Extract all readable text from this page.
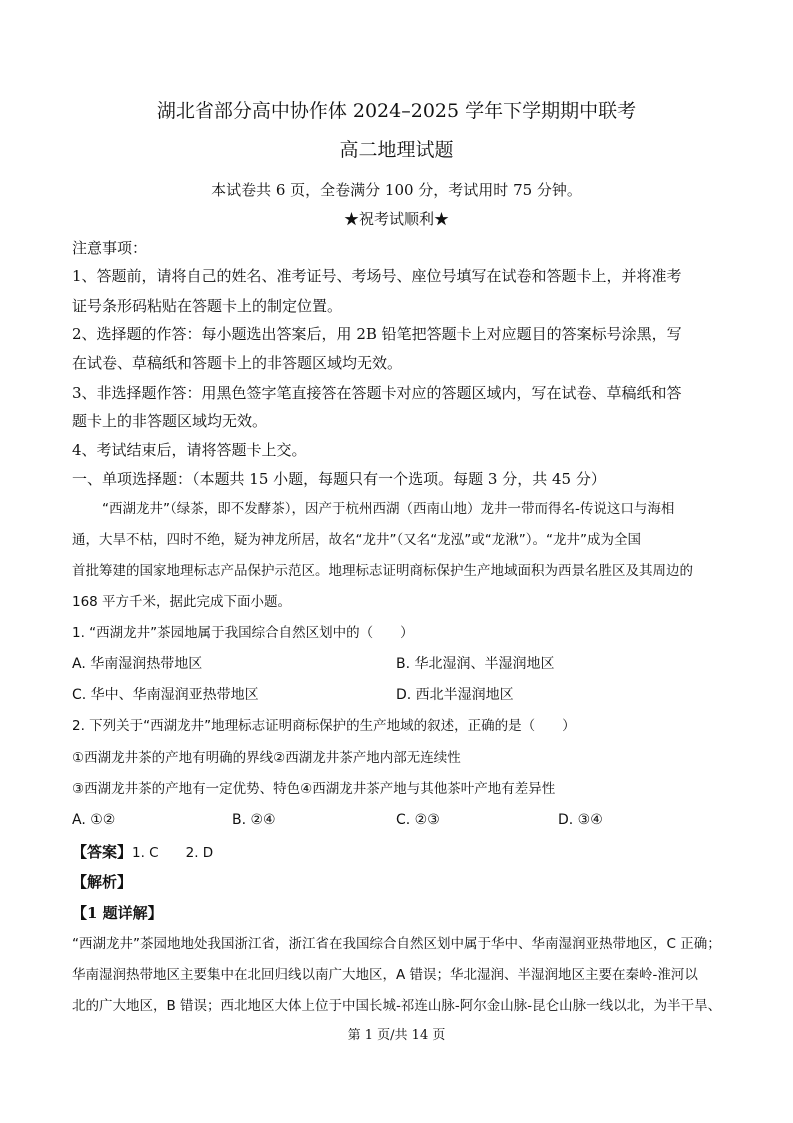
湖北省部分高中协作体 2024–2025 学年下学期期中联考
高二地理试题
本试卷共 6 页，全卷满分 100 分，考试用时 75 分钟。
★祝考试顺利★
注意事项：
1、答题前，请将自己的姓名、准考证号、考场号、座位号填写在试卷和答题卡上，并将准考
证号条形码粘贴在答题卡上的制定位置。
2、选择题的作答：每小题选出答案后，用 2B 铅笔把答题卡上对应题目的答案标号涂黑，写
在试卷、草稿纸和答题卡上的非答题区域均无效。
3、非选择题作答：用黑色签字笔直接答在答题卡对应的答题区域内，写在试卷、草稿纸和答
题卡上的非答题区域均无效。
4、考试结束后，请将答题卡上交。
一、单项选择题：（本题共 15 小题，每题只有一个选项。每题 3 分，共 45 分）
“西湖龙井”（绿茶，即不发酵茶），因产于杭州西湖（西南山地）龙井一带而得名-传说这口与海相
通，大旱不枯，四时不绝，疑为神龙所居，故名“龙井”（又名“龙泓”或“龙湫”）。“龙井”成为全国
首批筹建的国家地理标志产品保护示范区。地理标志证明商标保护生产地域面积为西景名胜区及其周边的
168 平方千米，据此完成下面小题。
1. “西湖龙井”茶园地属于我国综合自然区划中的（　　）
A. 华南湿润热带地区	B. 华北湿润、半湿润地区
C. 华中、华南湿润亚热带地区	D. 西北半湿润地区
2. 下列关于“西湖龙井”地理标志证明商标保护的生产地域的叙述，正确的是（　　）
①西湖龙井茶的产地有明确的界线②西湖龙井茶产地内部无连续性
③西湖龙井茶的产地有一定优势、特色④西湖龙井茶产地与其他茶叶产地有差异性
A. ①②	B. ②④	C. ②③	D. ③④
【答案】1. C　　2. D
【解析】
【1 题详解】
“西湖龙井”茶园地地处我国浙江省，浙江省在我国综合自然区划中属于华中、华南湿润亚热带地区，C 正确；
华南湿润热带地区主要集中在北回归线以南广大地区，A 错误；华北湿润、半湿润地区主要在秦岭-淮河以
北的广大地区，B 错误；西北地区大体上位于中国长城-祁连山脉-阿尔金山脉-昆仑山脉一线以北，为半干旱、
第 1 页/共 14 页
